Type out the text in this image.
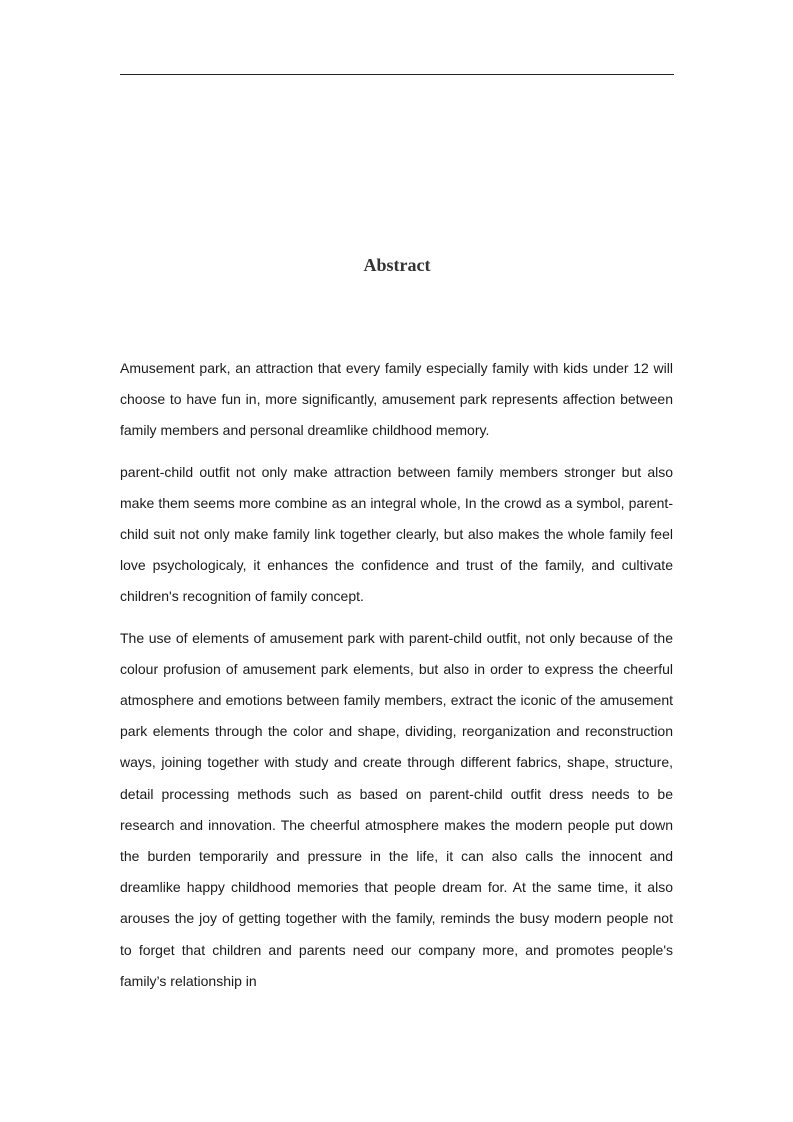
Abstract

Amusement park, an attraction that every family especially family with kids under 12 will choose to have fun in, more significantly, amusement park represents affection between family members and personal dreamlike childhood memory.

parent-child outfit not only make attraction between family members stronger but also make them seems more combine as an integral whole, In the crowd as a symbol, parent-child suit not only make family link together clearly, but also makes the whole family feel love psychologicaly, it enhances the confidence and trust of the family, and cultivate children's recognition of family concept.

The use of elements of amusement park with parent-child outfit, not only because of the colour profusion of amusement park elements, but also in order to express the cheerful atmosphere and emotions between family members, extract the iconic of the amusement park elements through the color and shape, dividing, reorganization and reconstruction ways, joining together with study and create through different fabrics, shape, structure, detail processing methods such as based on parent-child outfit dress needs to be research and innovation. The cheerful atmosphere makes the modern people put down the burden temporarily and pressure in the life, it can also calls the innocent and dreamlike happy childhood memories that people dream for. At the same time, it also arouses the joy of getting together with the family, reminds the busy modern people not to forget that children and parents need our company more, and promotes people's family’s relationship in
